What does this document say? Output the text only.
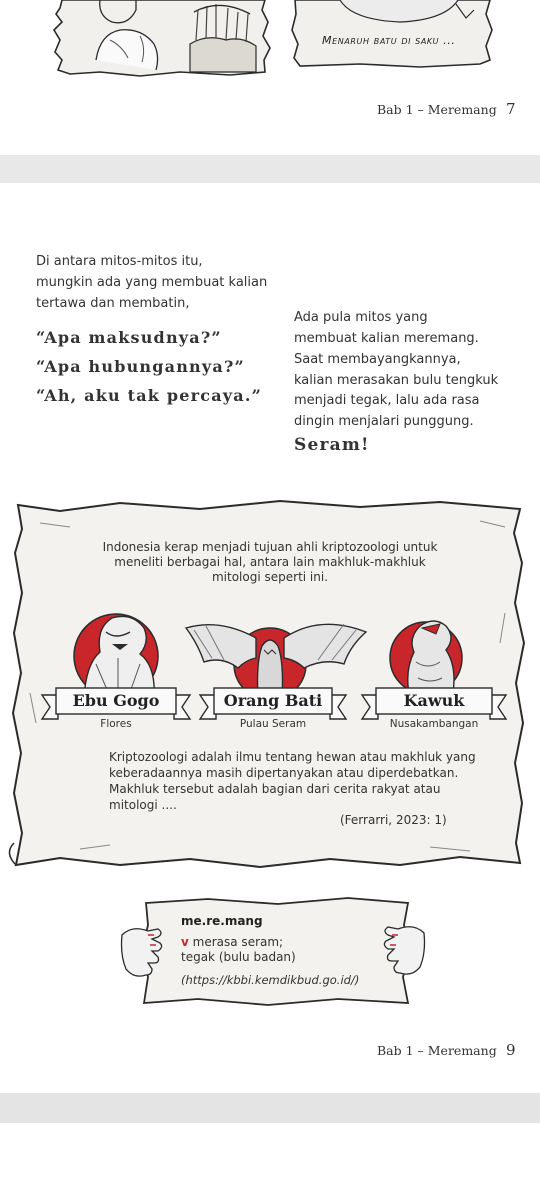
Menaruh batu di saku ...
Bab 1 – Meremang 7
Di antara mitos-mitos itu,
mungkin ada yang membuat kalian
tertawa dan membatin,
“Apa maksudnya?”
“Apa hubungannya?”
“Ah, aku tak percaya.”
Ada pula mitos yang
membuat kalian meremang.
Saat membayangkannya,
kalian merasakan bulu tengkuk
menjadi tegak, lalu ada rasa
dingin menjalari punggung.
Seram!
Indonesia kerap menjadi tujuan ahli kriptozoologi untuk
meneliti berbagai hal, antara lain makhluk-makhluk
mitologi seperti ini.
Ebu Gogo	Orang Bati	Kawuk
Flores	Pulau Seram	Nusakambangan
Kriptozoologi adalah ilmu tentang hewan atau makhluk yang
keberadaannya masih dipertanyakan atau diperdebatkan.
Makhluk tersebut adalah bagian dari cerita rakyat atau
mitologi ....
(Ferrarri, 2023: 1)
me.re.mang
v merasa seram;
tegak (bulu badan)
(https://kbbi.kemdikbud.go.id/)
Bab 1 – Meremang 9
